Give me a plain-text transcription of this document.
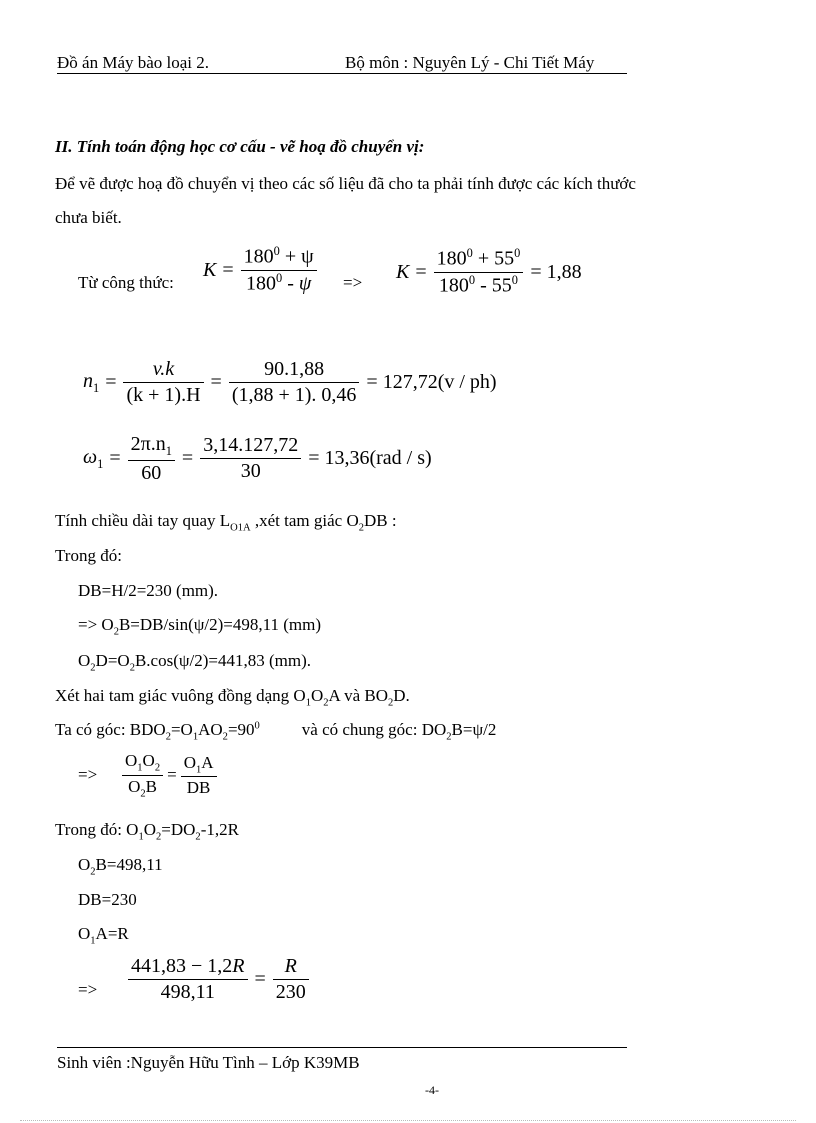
Đồ án Máy bào loại 2.	Bộ môn : Nguyên Lý - Chi Tiết Máy
II. Tính toán động học cơ cấu - vẽ hoạ đồ chuyển vị:
Để vẽ được hoạ đồ chuyển vị theo các số liệu đã cho ta phải tính được các kích thước
chưa biết.
Từ công thức:
$K = \frac{180^0 + \psi}{180^0 - \psi} => K = \frac{180^0 + 55^0}{180^0 - 55^0} = 1,88$
$n_1 = \frac{v.k}{(k + 1).H} = \frac{90.1,88}{(1,88 + 1). 0,46} = 127,72(v / ph)$
$\omega_1 = \frac{2\pi.n_1}{60} = \frac{3,14.127,72}{30} = 13,36(rad / s)$
Tính chiều dài tay quay $L_{O1A}$ ,xét tam giác $O_2DB$ :
Trong đó:
DB=H/2=230 (mm).
=> $O_2B=DB/\sin(\psi/2)=498,11$ (mm)
$O_2D=O_2B.\cos(\psi/2)=441,83$ (mm).
Xét hai tam giác vuông đồng dạng $O_1O_2A$ và $BO_2D$.
Ta có góc: $BDO_2=O_1AO_2=90^0$ và có chung góc: $DO_2B=\psi/2$
=> $\frac{O_1O_2}{O_2B} = \frac{O_1A}{DB}$
Trong đó: $O_1O_2=DO_2-1,2R$
$O_2B=498,11$
DB=230
$O_1A=R$
=> $\frac{441,83 - 1,2R}{498,11} = \frac{R}{230}$
Sinh viên :Nguyễn Hữu Tình – Lớp K39MB
-4-
